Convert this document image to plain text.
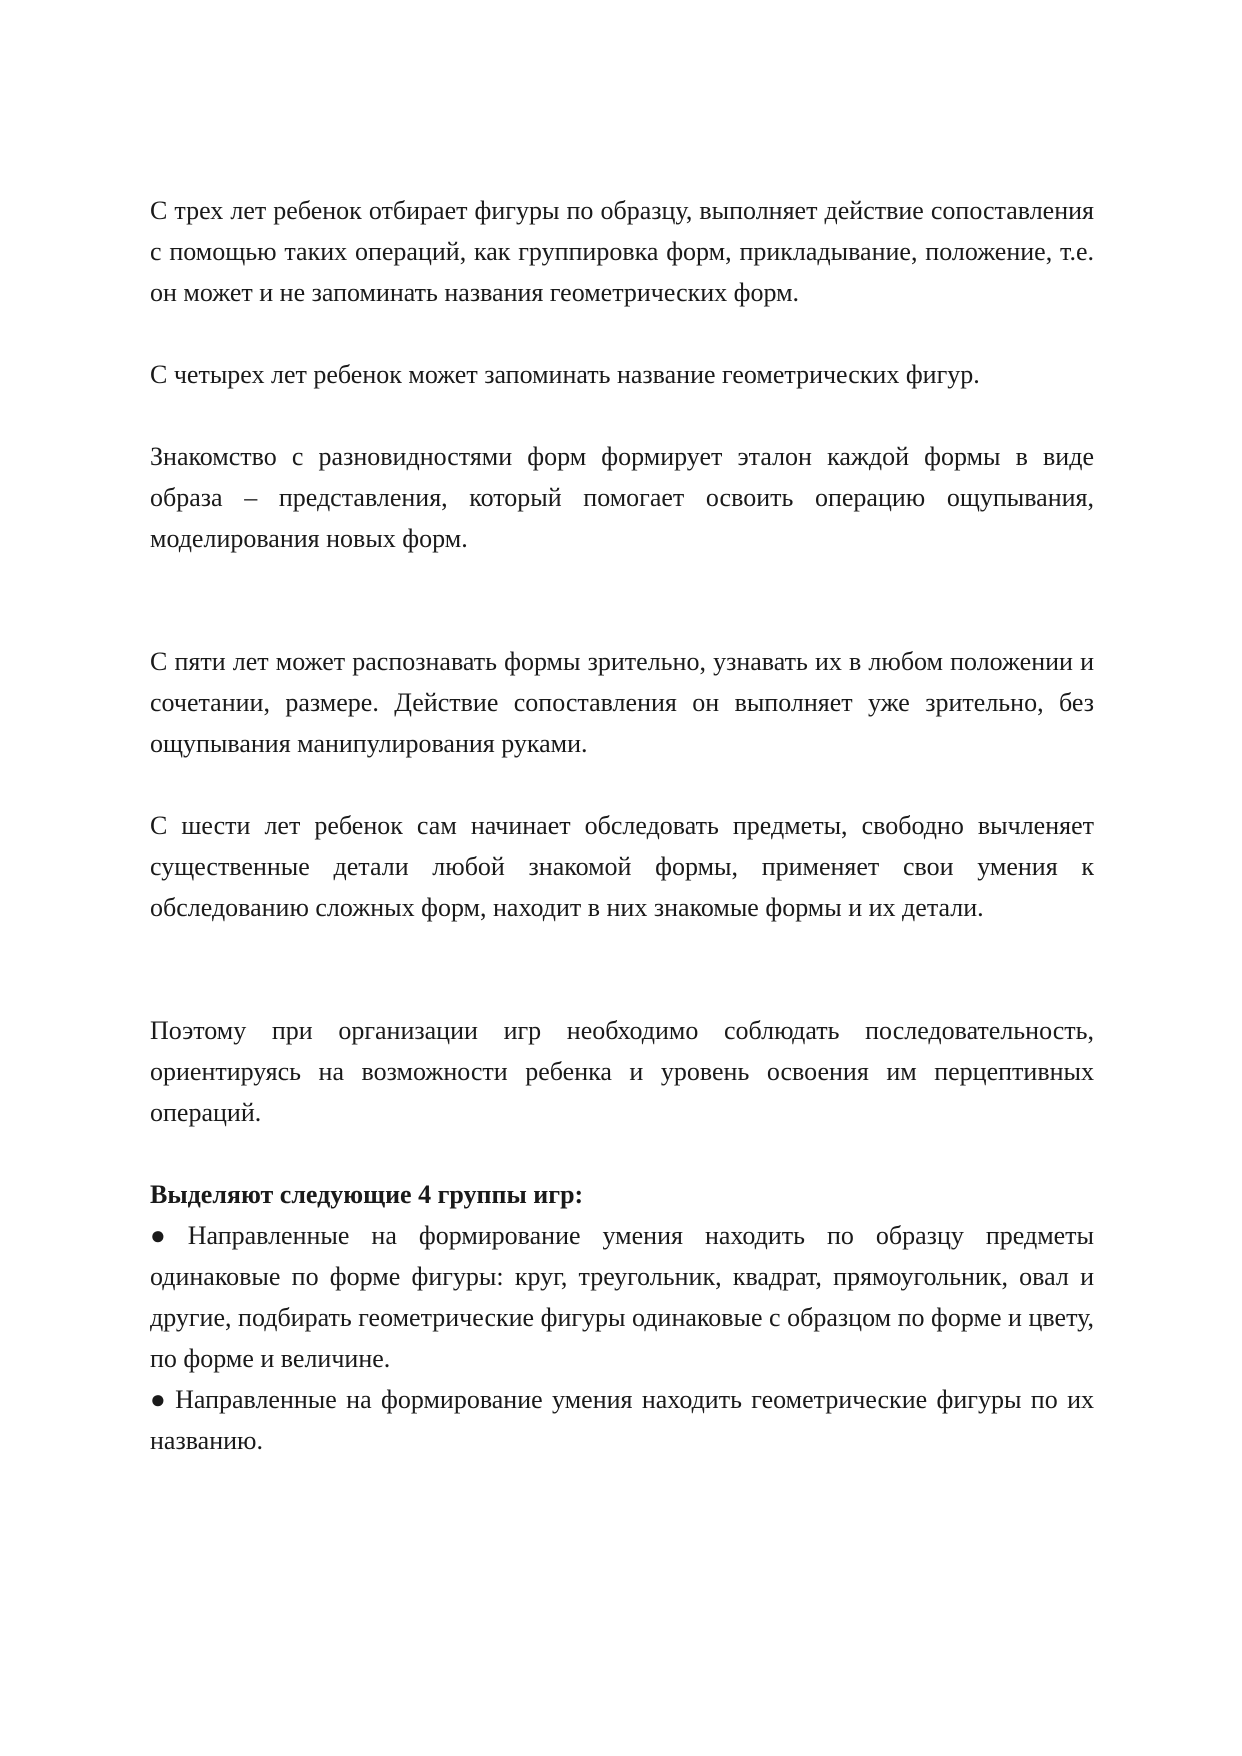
С трех лет ребенок отбирает фигуры по образцу, выполняет действие сопоставления с помощью таких операций, как группировка форм, прикладывание, положение, т.е. он может и не запоминать названия геометрических форм.

С четырех лет ребенок может запоминать название геометрических фигур.

Знакомство с разновидностями форм формирует эталон каждой формы в виде образа – представления, который помогает освоить операцию ощупывания, моделирования новых форм.

С пяти лет может распознавать формы зрительно, узнавать их в любом положении и сочетании, размере. Действие сопоставления он выполняет уже зрительно, без ощупывания манипулирования руками.

С шести лет ребенок сам начинает обследовать предметы, свободно вычленяет существенные детали любой знакомой формы, применяет свои умения к обследованию сложных форм, находит в них знакомые формы и их детали.

Поэтому при организации игр необходимо соблюдать последовательность, ориентируясь на возможности ребенка и уровень освоения им перцептивных операций.

Выделяют следующие 4 группы игр:

● Направленные на формирование умения находить по образцу предметы одинаковые по форме фигуры: круг, треугольник, квадрат, прямоугольник, овал и другие, подбирать геометрические фигуры одинаковые с образцом по форме и цвету, по форме и величине.

● Направленные на формирование умения находить геометрические фигуры по их названию.
